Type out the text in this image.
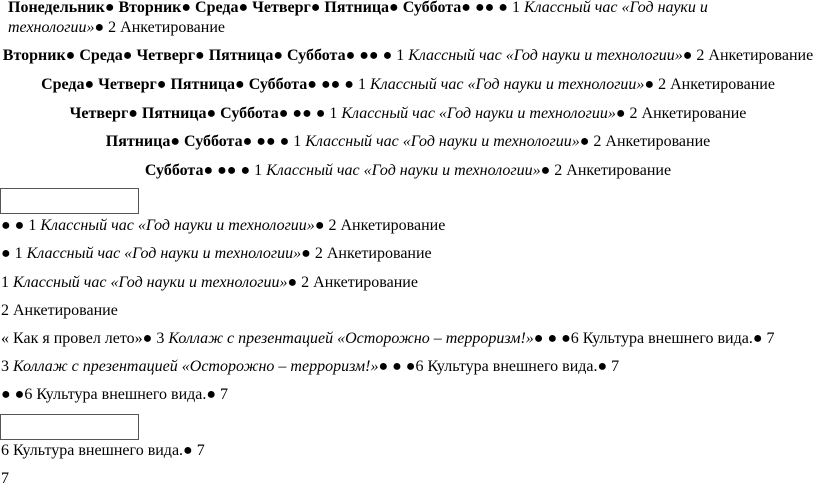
Понедельник● Вторник● Среда● Четверг● Пятница● Суббота● ●● ● 1 Классный час «Год науки и технологии»● 2 Анкетирование
Вторник● Среда● Четверг● Пятница● Суббота● ●● ● 1 Классный час «Год науки и технологии»● 2 Анкетирование
Среда● Четверг● Пятница● Суббота● ●● ● 1 Классный час «Год науки и технологии»● 2 Анкетирование
Четверг● Пятница● Суббота● ●● ● 1 Классный час «Год науки и технологии»● 2 Анкетирование
Пятница● Суббота● ●● ● 1 Классный час «Год науки и технологии»● 2 Анкетирование
Суббота● ●● ● 1 Классный час «Год науки и технологии»● 2 Анкетирование
● ● 1 Классный час «Год науки и технологии»● 2 Анкетирование
● 1 Классный час «Год науки и технологии»● 2 Анкетирование
1 Классный час «Год науки и технологии»● 2 Анкетирование
2 Анкетирование
« Как я провел лето»● 3 Коллаж с презентацией «Осторожно – терроризм!»● ● ●6 Культура внешнего вида.● 7
3 Коллаж с презентацией «Осторожно – терроризм!»● ● ●6 Культура внешнего вида.● 7
● ●6 Культура внешнего вида.● 7
6 Культура внешнего вида.● 7
7
